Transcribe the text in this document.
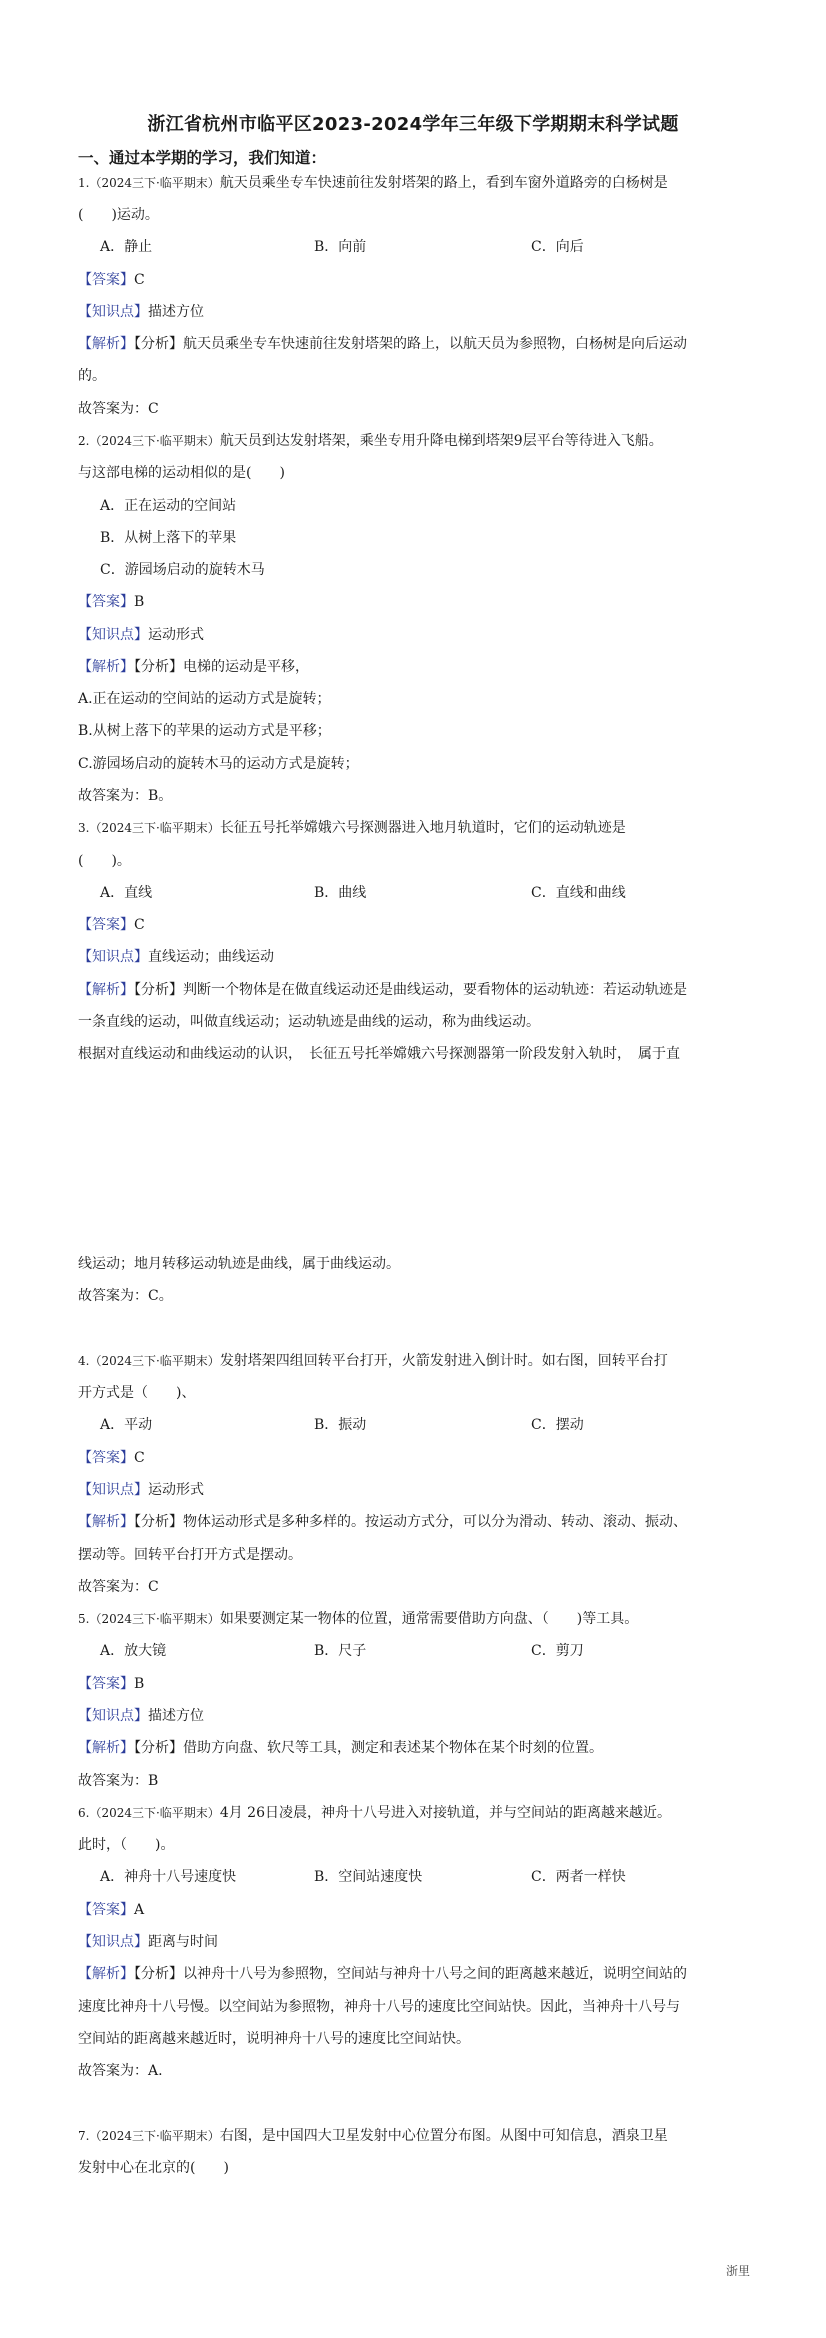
浙江省杭州市临平区2023-2024学年三年级下学期期末科学试题
一、通过本学期的学习，我们知道：
1.（2024三下·临平期末）航天员乘坐专车快速前往发射塔架的路上，看到车窗外道路旁的白杨树是
(　　)运动。
A．静止	B．向前	C．向后
【答案】C
【知识点】描述方位
【解析】【分析】航天员乘坐专车快速前往发射塔架的路上，以航天员为参照物，白杨树是向后运动
的。
故答案为：C
2.（2024三下·临平期末）航天员到达发射塔架，乘坐专用升降电梯到塔架9层平台等待进入飞船。
与这部电梯的运动相似的是(　　)
A．正在运动的空间站
B．从树上落下的苹果
C．游园场启动的旋转木马
【答案】B
【知识点】运动形式
【解析】【分析】电梯的运动是平移，
A.正在运动的空间站的运动方式是旋转；
B.从树上落下的苹果的运动方式是平移；
C.游园场启动的旋转木马的运动方式是旋转；
故答案为：B。
3.（2024三下·临平期末）长征五号托举嫦娥六号探测器进入地月轨道时，它们的运动轨迹是
(　　)。
A．直线	B．曲线	C．直线和曲线
【答案】C
【知识点】直线运动；曲线运动
【解析】【分析】判断一个物体是在做直线运动还是曲线运动，要看物体的运动轨迹：若运动轨迹是
一条直线的运动，叫做直线运动；运动轨迹是曲线的运动，称为曲线运动。
根据对直线运动和曲线运动的认识，　长征五号托举嫦娥六号探测器第一阶段发射入轨时，　属于直
线运动；地月转移运动轨迹是曲线，属于曲线运动。
故答案为：C。
4.（2024三下·临平期末）发射塔架四组回转平台打开，火箭发射进入倒计时。如右图，回转平台打
开方式是（　　)、
A．平动	B．振动	C．摆动
【答案】C
【知识点】运动形式
【解析】【分析】物体运动形式是多种多样的。按运动方式分，可以分为滑动、转动、滚动、振动、
摆动等。回转平台打开方式是摆动。
故答案为：C
5.（2024三下·临平期末）如果要测定某一物体的位置，通常需要借助方向盘、（　　)等工具。
A．放大镜	B．尺子	C．剪刀
【答案】B
【知识点】描述方位
【解析】【分析】借助方向盘、软尺等工具，测定和表述某个物体在某个时刻的位置。
故答案为：B
6.（2024三下·临平期末）4月 26日凌晨，神舟十八号进入对接轨道，并与空间站的距离越来越近。
此时，（　　)。
A．神舟十八号速度快	B．空间站速度快	C．两者一样快
【答案】A
【知识点】距离与时间
【解析】【分析】以神舟十八号为参照物，空间站与神舟十八号之间的距离越来越近，说明空间站的
速度比神舟十八号慢。以空间站为参照物，神舟十八号的速度比空间站快。因此，当神舟十八号与
空间站的距离越来越近时，说明神舟十八号的速度比空间站快。
故答案为：A.
7.（2024三下·临平期末）右图，是中国四大卫星发射中心位置分布图。从图中可知信息，酒泉卫星
发射中心在北京的(　　)
浙里
